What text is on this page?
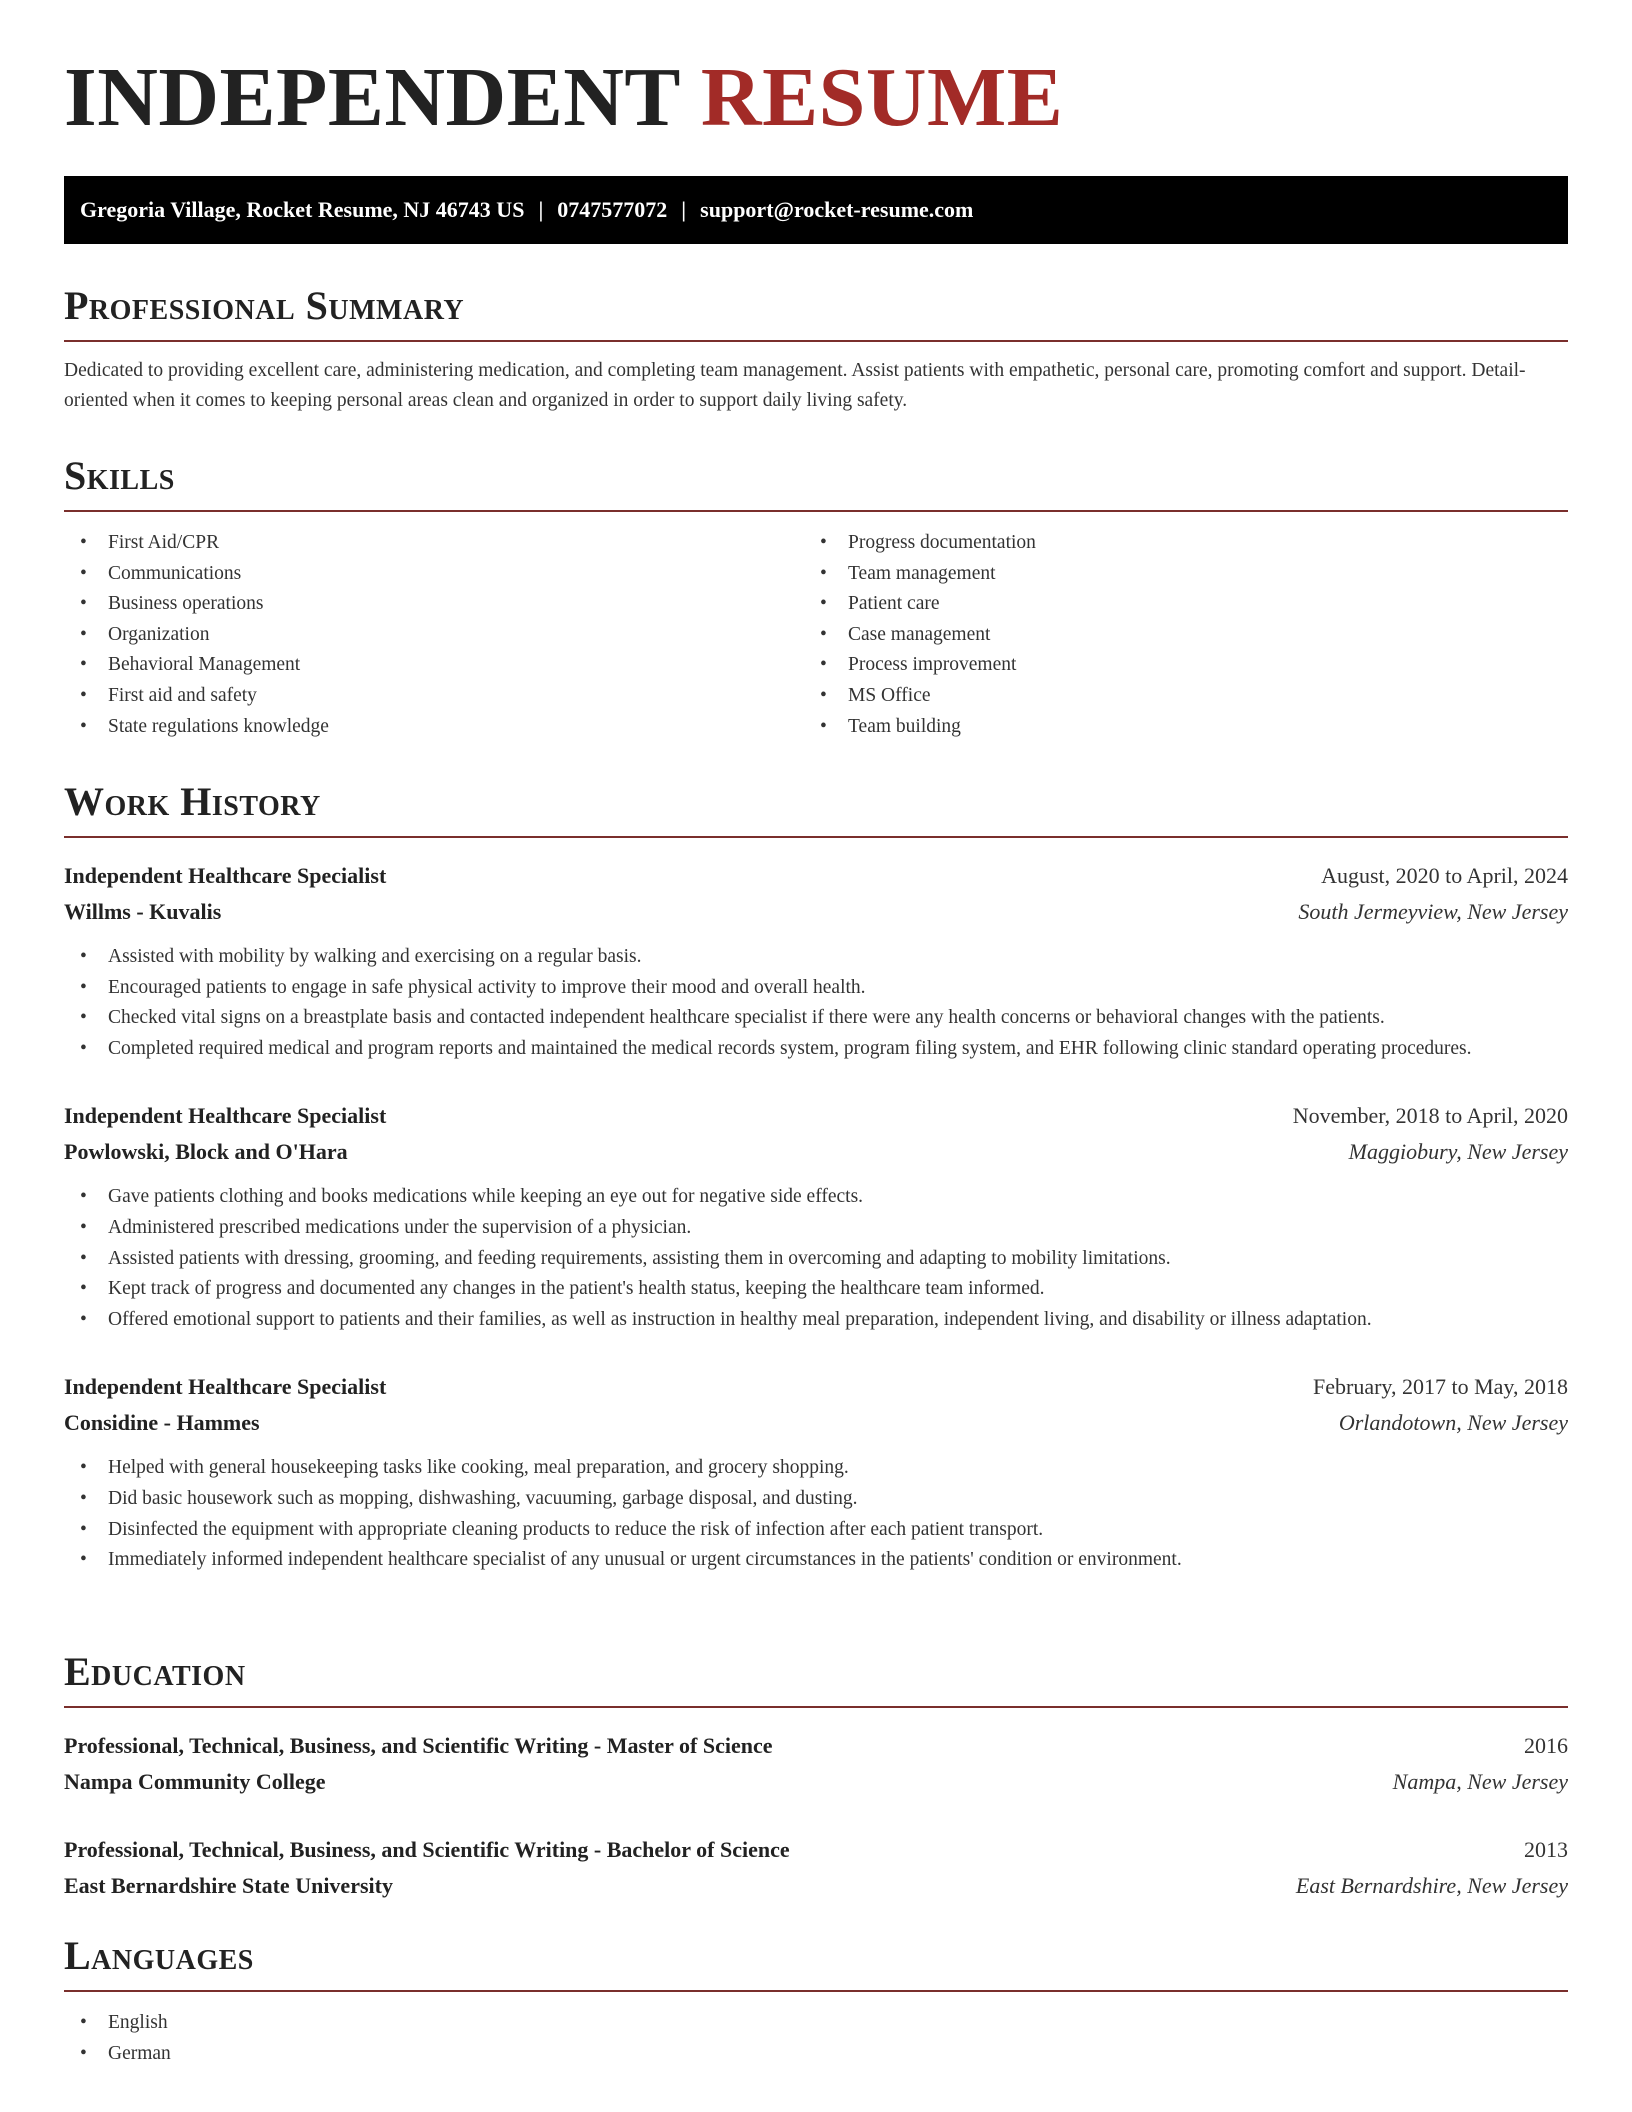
INDEPENDENT RESUME
Gregoria Village, Rocket Resume, NJ 46743 US | 0747577072 | support@rocket-resume.com
Professional Summary

Dedicated to providing excellent care, administering medication, and completing team management. Assist patients with empathetic, personal care, promoting comfort and support. Detail-oriented when it comes to keeping personal areas clean and organized in order to support daily living safety.

Skills
• First Aid/CPR
• Communications
• Business operations
• Organization
• Behavioral Management
• First aid and safety
• State regulations knowledge
• Progress documentation
• Team management
• Patient care
• Case management
• Process improvement
• MS Office
• Team building
Work History
Independent Healthcare Specialist	August, 2020 to April, 2024
Willms - Kuvalis	South Jermeyview, New Jersey
• Assisted with mobility by walking and exercising on a regular basis.
• Encouraged patients to engage in safe physical activity to improve their mood and overall health.
• Checked vital signs on a breastplate basis and contacted independent healthcare specialist if there were any health concerns or behavioral changes with the patients.
• Completed required medical and program reports and maintained the medical records system, program filing system, and EHR following clinic standard operating procedures.
Independent Healthcare Specialist	November, 2018 to April, 2020
Powlowski, Block and O'Hara	Maggiobury, New Jersey
• Gave patients clothing and books medications while keeping an eye out for negative side effects.
• Administered prescribed medications under the supervision of a physician.
• Assisted patients with dressing, grooming, and feeding requirements, assisting them in overcoming and adapting to mobility limitations.
• Kept track of progress and documented any changes in the patient's health status, keeping the healthcare team informed.
• Offered emotional support to patients and their families, as well as instruction in healthy meal preparation, independent living, and disability or illness adaptation.
Independent Healthcare Specialist	February, 2017 to May, 2018
Considine - Hammes	Orlandotown, New Jersey
• Helped with general housekeeping tasks like cooking, meal preparation, and grocery shopping.
• Did basic housework such as mopping, dishwashing, vacuuming, garbage disposal, and dusting.
• Disinfected the equipment with appropriate cleaning products to reduce the risk of infection after each patient transport.
• Immediately informed independent healthcare specialist of any unusual or urgent circumstances in the patients' condition or environment.
Education
Professional, Technical, Business, and Scientific Writing - Master of Science	2016
Nampa Community College	Nampa, New Jersey
Professional, Technical, Business, and Scientific Writing - Bachelor of Science	2013
East Bernardshire State University	East Bernardshire, New Jersey
Languages
• English
• German
